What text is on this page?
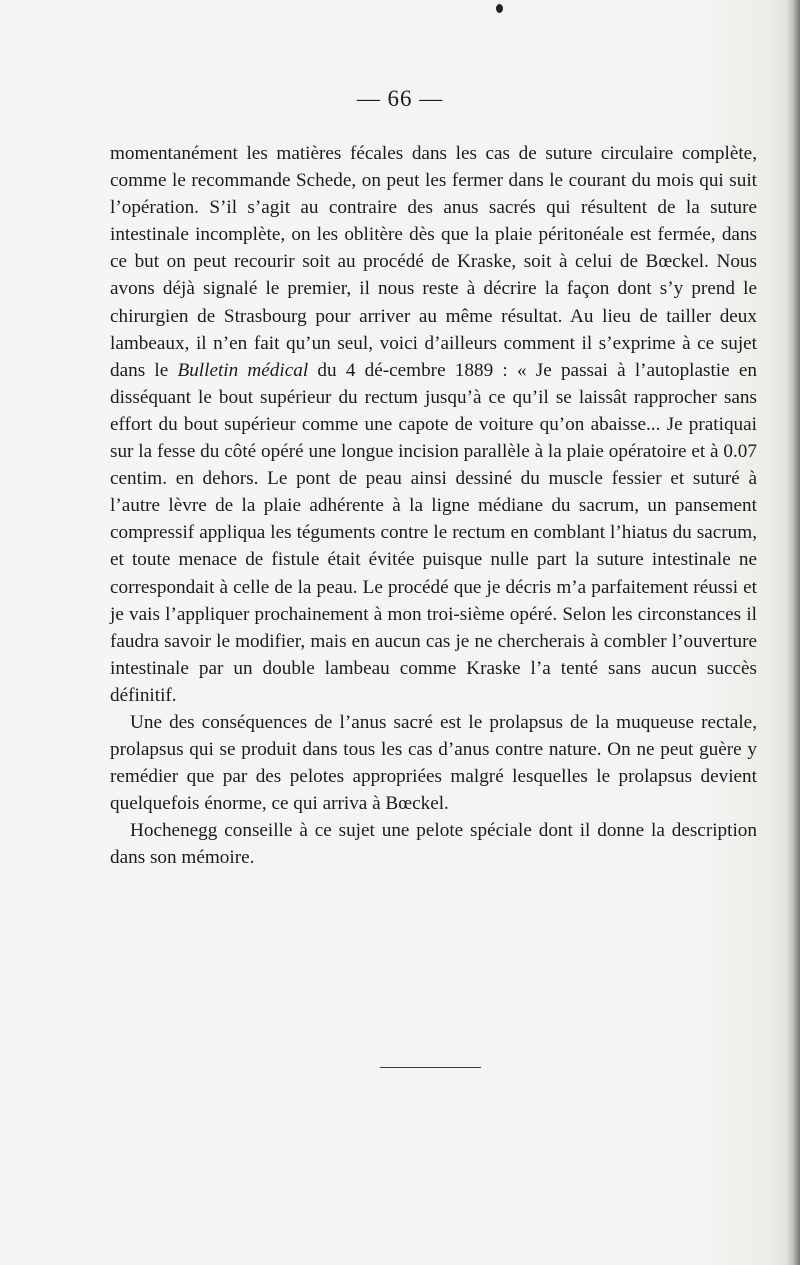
— 66 —

momentanément les matières fécales dans les cas de suture circulaire complète, comme le recommande Schede, on peut les fermer dans le courant du mois qui suit l’opération. S’il s’agit au contraire des anus sacrés qui résultent de la suture intestinale incomplète, on les oblitère dès que la plaie péritonéale est fermée, dans ce but on peut recourir soit au procédé de Kraske, soit à celui de Bœckel. Nous avons déjà signalé le premier, il nous reste à décrire la façon dont s’y prend le chirurgien de Strasbourg pour arriver au même résultat. Au lieu de tailler deux lambeaux, il n’en fait qu’un seul, voici d’ailleurs comment il s’exprime à ce sujet dans le Bulletin médical du 4 dé-cembre 1889 : « Je passai à l’autoplastie en disséquant le bout supérieur du rectum jusqu’à ce qu’il se laissât rapprocher sans effort du bout supérieur comme une capote de voiture qu’on abaisse... Je pratiquai sur la fesse du côté opéré une longue incision parallèle à la plaie opératoire et à 0.07 centim. en dehors. Le pont de peau ainsi dessiné du muscle fessier et suturé à l’autre lèvre de la plaie adhérente à la ligne médiane du sacrum, un pansement compressif appliqua les téguments contre le rectum en comblant l’hiatus du sacrum, et toute menace de fistule était évitée puisque nulle part la suture intestinale ne correspondait à celle de la peau. Le procédé que je décris m’a parfaitement réussi et je vais l’appliquer prochainement à mon troi-sième opéré. Selon les circonstances il faudra savoir le modifier, mais en aucun cas je ne chercherais à combler l’ouverture intestinale par un double lambeau comme Kraske l’a tenté sans aucun succès définitif.

Une des conséquences de l’anus sacré est le prolapsus de la muqueuse rectale, prolapsus qui se produit dans tous les cas d’anus contre nature. On ne peut guère y remédier que par des pelotes appropriées malgré lesquelles le prolapsus devient quelquefois énorme, ce qui arriva à Bœckel.

Hochenegg conseille à ce sujet une pelote spéciale dont il donne la description dans son mémoire.
